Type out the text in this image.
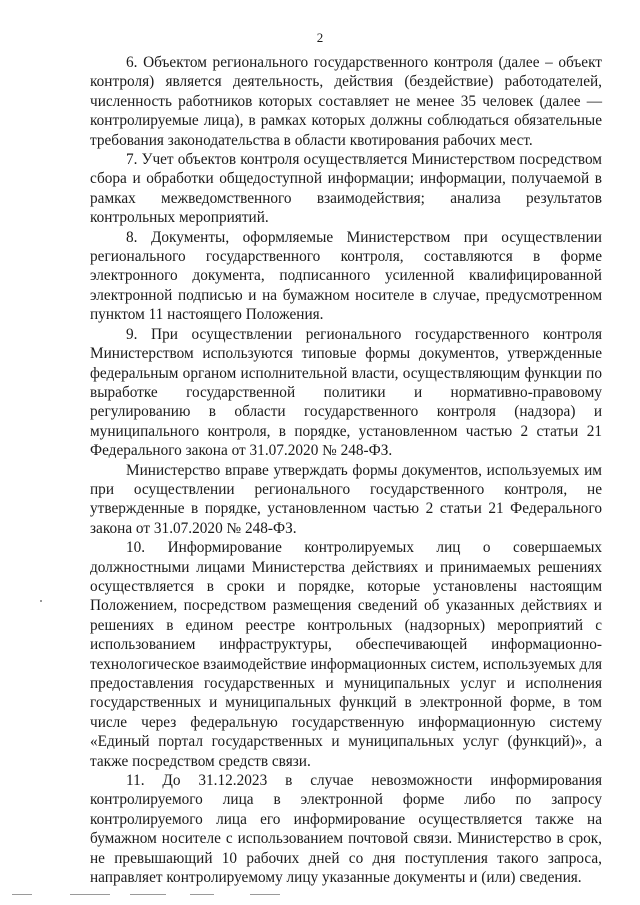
2

6. Объектом регионального государственного контроля (далее – объект контроля) является деятельность, действия (бездействие) работодателей, численность работников которых составляет не менее 35 человек (далее — контролируемые лица), в рамках которых должны соблюдаться обязательные требования законодательства в области квотирования рабочих мест.

7. Учет объектов контроля осуществляется Министерством посредством сбора и обработки общедоступной информации; информации, получаемой в рамках межведомственного взаимодействия; анализа результатов контрольных мероприятий.

8. Документы, оформляемые Министерством при осуществлении регионального государственного контроля, составляются в форме электронного документа, подписанного усиленной квалифицированной электронной подписью и на бумажном носителе в случае, предусмотренном пунктом 11 настоящего Положения.

9. При осуществлении регионального государственного контроля Министерством используются типовые формы документов, утвержденные федеральным органом исполнительной власти, осуществляющим функции по выработке государственной политики и нормативно-правовому регулированию в области государственного контроля (надзора) и муниципального контроля, в порядке, установленном частью 2 статьи 21 Федерального закона от 31.07.2020 № 248-ФЗ.

Министерство вправе утверждать формы документов, используемых им при осуществлении регионального государственного контроля, не утвержденные в порядке, установленном частью 2 статьи 21 Федерального закона от 31.07.2020 № 248-ФЗ.

10. Информирование контролируемых лиц о совершаемых должностными лицами Министерства действиях и принимаемых решениях осуществляется в сроки и порядке, которые установлены настоящим Положением, посредством размещения сведений об указанных действиях и решениях в едином реестре контрольных (надзорных) мероприятий с использованием инфраструктуры, обеспечивающей информационно-технологическое взаимодействие информационных систем, используемых для предоставления государственных и муниципальных услуг и исполнения государственных и муниципальных функций в электронной форме, в том числе через федеральную государственную информационную систему «Единый портал государственных и муниципальных услуг (функций)», а также посредством средств связи.

11. До 31.12.2023 в случае невозможности информирования контролируемого лица в электронной форме либо по запросу контролируемого лица его информирование осуществляется также на бумажном носителе с использованием почтовой связи. Министерство в срок, не превышающий 10 рабочих дней со дня поступления такого запроса, направляет контролируемому лицу указанные документы и (или) сведения.
